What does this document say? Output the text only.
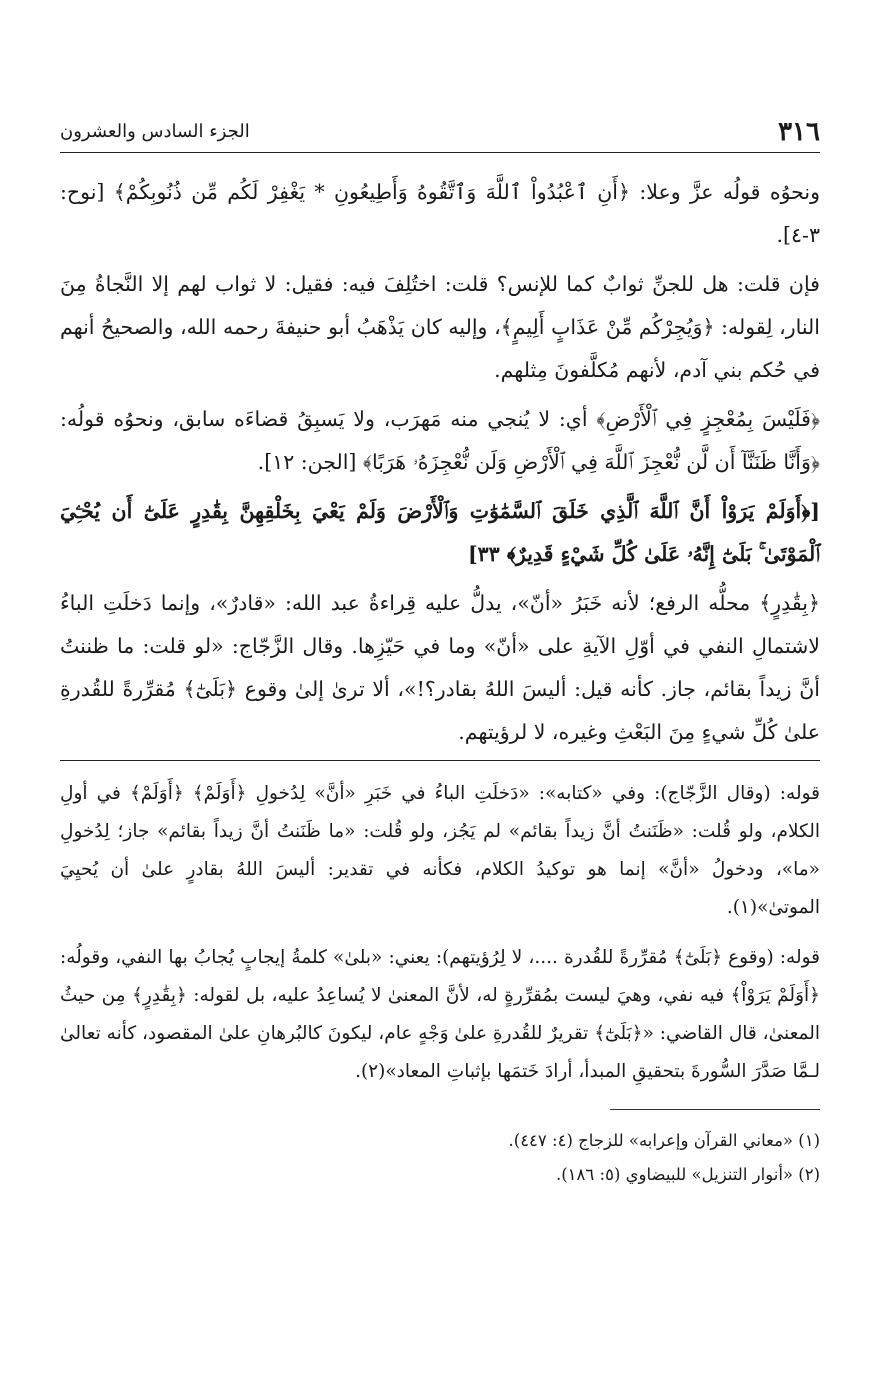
٣١٦
الجزء السادس والعشرون

ونحوُه قولُه عزَّ وعلا: ﴿أَنِ ٱعْبُدُواْ ٱللَّهَ وَٱتَّقُوهُ وَأَطِيعُونِ * يَغْفِرْ لَكُم مِّن ذُنُوبِكُمْ﴾ [نوح: ٣-٤].

فإن قلت: هل للجنِّ ثوابٌ كما للإنس؟ قلت: اختُلِفَ فيه: فقيل: لا ثواب لهم إلا النَّجاةُ مِنَ النار، لِقوله: ﴿وَيُجِرْكُم مِّنْ عَذَابٍ أَلِيمٍ﴾، وإليه كان يَذْهَبُ أبو حنيفةَ رحمه الله، والصحيحُ أنهم في حُكم بني آدم، لأنهم مُكلَّفونَ مِثلهم.

﴿فَلَيْسَ بِمُعْجِزٍ فِي ٱلْأَرْضِ﴾ أي: لا يُنجي منه مَهرَب، ولا يَسبِقُ قضاءَه سابق، ونحوُه قولُه: ﴿وَأَنَّا ظَنَنَّآ أَن لَّن نُّعْجِزَ ٱللَّهَ فِي ٱلْأَرْضِ وَلَن نُّعْجِزَهُۥ هَرَبًا﴾ [الجن: ١٢].

[﴿أَوَلَمْ يَرَوْاْ أَنَّ ٱللَّهَ ٱلَّذِي خَلَقَ ٱلسَّمَٰوَٰتِ وَٱلْأَرْضَ وَلَمْ يَعْيَ بِخَلْقِهِنَّ بِقَٰدِرٍ عَلَىٰٓ أَن يُحْـِۧيَ ٱلْمَوْتَىٰ ۚ بَلَىٰٓ إِنَّهُۥ عَلَىٰ كُلِّ شَيْءٍ قَدِيرٌ﴾ ٣٣]

﴿بِقَٰدِرٍ﴾ محلُّه الرفع؛ لأنه خَبَرُ «أنّ»، يدلُّ عليه قِراءةُ عبد الله: «قادرٌ»، وإنما دَخلَتِ الباءُ لاشتمالِ النفي في أوّلِ الآيةِ على «أنّ» وما في حَيّزِها. وقال الزَّجّاج: «لو قلت: ما ظننتُ أنَّ زيداً بقائم، جاز. كأنه قيل: أليسَ اللهُ بقادر؟!»، ألا ترىٰ إلىٰ وقوع ﴿بَلَىٰٓ﴾ مُقرِّرةً للقُدرةِ علىٰ كُلِّ شيءٍ مِنَ البَعْثِ وغيره، لا لرؤيتهم.

قوله: (وقال الزَّجّاج): وفي «كتابه»: «دَخلَتِ الباءُ في خَبَرِ «أنَّ» لِدُخولِ ﴿أَوَلَمْ﴾ ﴿أَوَلَمْ﴾ في أولِ الكلام، ولو قُلت: «ظَنَنتُ أنَّ زيداً بقائم» لم يَجُز، ولو قُلت: «ما ظَنَنتُ أنَّ زيداً بقائم» جاز؛ لِدُخولِ «ما»، ودخولُ «أنَّ» إنما هو توكيدُ الكلام، فكأنه في تقدير: أليسَ اللهُ بقادرٍ علىٰ أن يُحيِيَ الموتىٰ»(١).

قوله: (وقوع ﴿بَلَىٰٓ﴾ مُقرِّرةً للقُدرة ....، لا لِرُؤيتهم): يعني: «بلىٰ» كلمةُ إيجابٍ يُجابُ بها النفي، وقولُه: ﴿أَوَلَمْ يَرَوْاْ﴾ فيه نفي، وهيَ ليست بمُقرِّرةٍ له، لأنَّ المعنىٰ لا يُساعِدُ عليه، بل لقوله: ﴿بِقَٰدِرٍ﴾ مِن حيثُ المعنىٰ، قال القاضي: «﴿بَلَىٰٓ﴾ تقريرٌ للقُدرةِ علىٰ وَجْهٍ عام، ليكونَ كالبُرهانِ علىٰ المقصود، كأنه تعالىٰ لـمَّا صَدَّرَ السُّورةَ بتحقيقِ المبدأ، أرادَ خَتمَها بإثباتِ المعاد»(٢).

(١) «معاني القرآن وإعرابه» للزجاج (٤: ٤٤٧).

(٢) «أنوار التنزيل» للبيضاوي (٥: ١٨٦).
